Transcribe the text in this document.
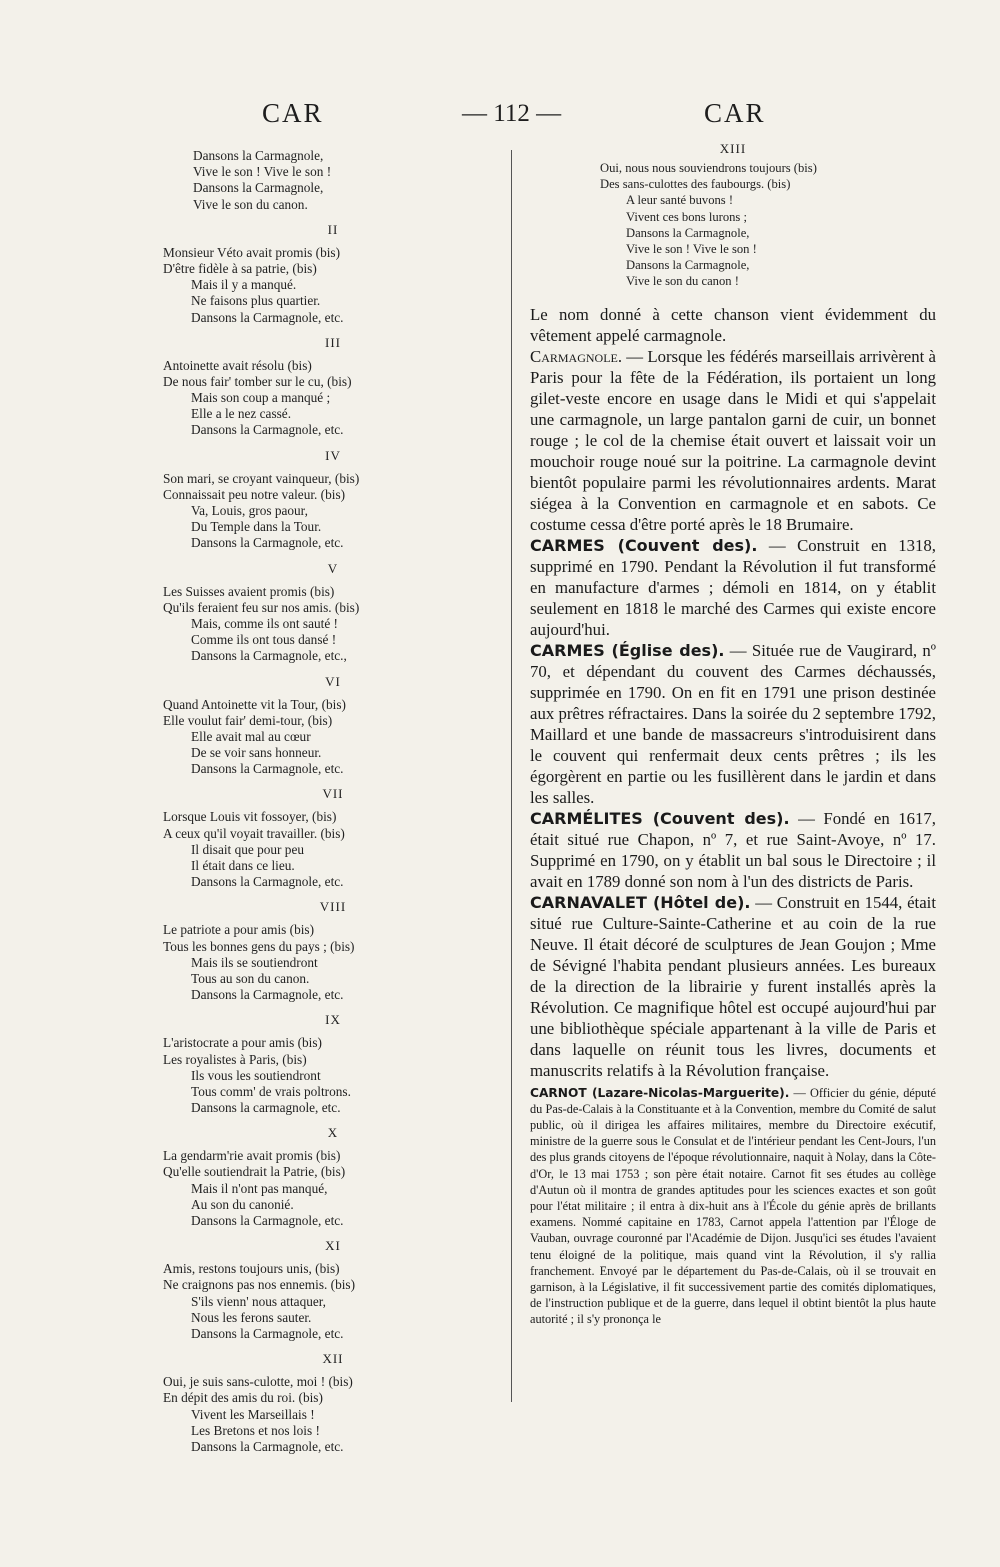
CAR	— 112 —	CAR
Dansons la Carmagnole,
Vive le son ! Vive le son !
Dansons la Carmagnole,
Vive le son du canon.
II
Monsieur Véto avait promis (bis)
D'être fidèle à sa patrie, (bis)
Mais il y a manqué.
Ne faisons plus quartier.
Dansons la Carmagnole, etc.
III
Antoinette avait résolu (bis)
De nous fair' tomber sur le cu, (bis)
Mais son coup a manqué ;
Elle a le nez cassé.
Dansons la Carmagnole, etc.
IV
Son mari, se croyant vainqueur, (bis)
Connaissait peu notre valeur. (bis)
Va, Louis, gros paour,
Du Temple dans la Tour.
Dansons la Carmagnole, etc.
V
Les Suisses avaient promis (bis)
Qu'ils feraient feu sur nos amis. (bis)
Mais, comme ils ont sauté !
Comme ils ont tous dansé !
Dansons la Carmagnole, etc.,
VI
Quand Antoinette vit la Tour, (bis)
Elle voulut fair' demi-tour, (bis)
Elle avait mal au cœur
De se voir sans honneur.
Dansons la Carmagnole, etc.
VII
Lorsque Louis vit fossoyer, (bis)
A ceux qu'il voyait travailler. (bis)
Il disait que pour peu
Il était dans ce lieu.
Dansons la Carmagnole, etc.
VIII
Le patriote a pour amis (bis)
Tous les bonnes gens du pays ; (bis)
Mais ils se soutiendront
Tous au son du canon.
Dansons la Carmagnole, etc.
IX
L'aristocrate a pour amis (bis)
Les royalistes à Paris, (bis)
Ils vous les soutiendront
Tous comm' de vrais poltrons.
Dansons la carmagnole, etc.
X
La gendarm'rie avait promis (bis)
Qu'elle soutiendrait la Patrie, (bis)
Mais il n'ont pas manqué,
Au son du canonié.
Dansons la Carmagnole, etc.
XI
Amis, restons toujours unis, (bis)
Ne craignons pas nos ennemis. (bis)
S'ils vienn' nous attaquer,
Nous les ferons sauter.
Dansons la Carmagnole, etc.
XII
Oui, je suis sans-culotte, moi ! (bis)
En dépit des amis du roi. (bis)
Vivent les Marseillais !
Les Bretons et nos lois !
Dansons la Carmagnole, etc.
XIII
Oui, nous nous souviendrons toujours (bis)
Des sans-culottes des faubourgs. (bis)
A leur santé buvons !
Vivent ces bons lurons ;
Dansons la Carmagnole,
Vive le son ! Vive le son !
Dansons la Carmagnole,
Vive le son du canon !

Le nom donné à cette chanson vient évidemment du vêtement appelé carmagnole.

Carmagnole. — Lorsque les fédérés marseillais arrivèrent à Paris pour la fête de la Fédération, ils portaient un long gilet-veste encore en usage dans le Midi et qui s'appelait une carmagnole, un large pantalon garni de cuir, un bonnet rouge ; le col de la chemise était ouvert et laissait voir un mouchoir rouge noué sur la poitrine. La carmagnole devint bientôt populaire parmi les révolutionnaires ardents. Marat siégea à la Convention en carmagnole et en sabots. Ce costume cessa d'être porté après le 18 Brumaire.

CARMES (Couvent des). — Construit en 1318, supprimé en 1790. Pendant la Révolution il fut transformé en manufacture d'armes ; démoli en 1814, on y établit seulement en 1818 le marché des Carmes qui existe encore aujourd'hui.

CARMES (Église des). — Située rue de Vaugirard, nº 70, et dépendant du couvent des Carmes déchaussés, supprimée en 1790. On en fit en 1791 une prison destinée aux prêtres réfractaires. Dans la soirée du 2 septembre 1792, Maillard et une bande de massacreurs s'introduisirent dans le couvent qui renfermait deux cents prêtres ; ils les égorgèrent en partie ou les fusillèrent dans le jardin et dans les salles.

CARMÉLITES (Couvent des). — Fondé en 1617, était situé rue Chapon, nº 7, et rue Saint-Avoye, nº 17. Supprimé en 1790, on y établit un bal sous le Directoire ; il avait en 1789 donné son nom à l'un des districts de Paris.

CARNAVALET (Hôtel de). — Construit en 1544, était situé rue Culture-Sainte-Catherine et au coin de la rue Neuve. Il était décoré de sculptures de Jean Goujon ; Mme de Sévigné l'habita pendant plusieurs années. Les bureaux de la direction de la librairie y furent installés après la Révolution. Ce magnifique hôtel est occupé aujourd'hui par une bibliothèque spéciale appartenant à la ville de Paris et dans laquelle on réunit tous les livres, documents et manuscrits relatifs à la Révolution française.

CARNOT (Lazare-Nicolas-Marguerite). — Officier du génie, député du Pas-de-Calais à la Constituante et à la Convention, membre du Comité de salut public, où il dirigea les affaires militaires, membre du Directoire exécutif, ministre de la guerre sous le Consulat et de l'intérieur pendant les Cent-Jours, l'un des plus grands citoyens de l'époque révolutionnaire, naquit à Nolay, dans la Côte-d'Or, le 13 mai 1753 ; son père était notaire. Carnot fit ses études au collège d'Autun où il montra de grandes aptitudes pour les sciences exactes et son goût pour l'état militaire ; il entra à dix-huit ans à l'École du génie après de brillants examens. Nommé capitaine en 1783, Carnot appela l'attention par l'Éloge de Vauban, ouvrage couronné par l'Académie de Dijon. Jusqu'ici ses études l'avaient tenu éloigné de la politique, mais quand vint la Révolution, il s'y rallia franchement. Envoyé par le département du Pas-de-Calais, où il se trouvait en garnison, à la Législative, il fit successivement partie des comités diplomatiques, de l'instruction publique et de la guerre, dans lequel il obtint bientôt la plus haute autorité ; il s'y prononça le
